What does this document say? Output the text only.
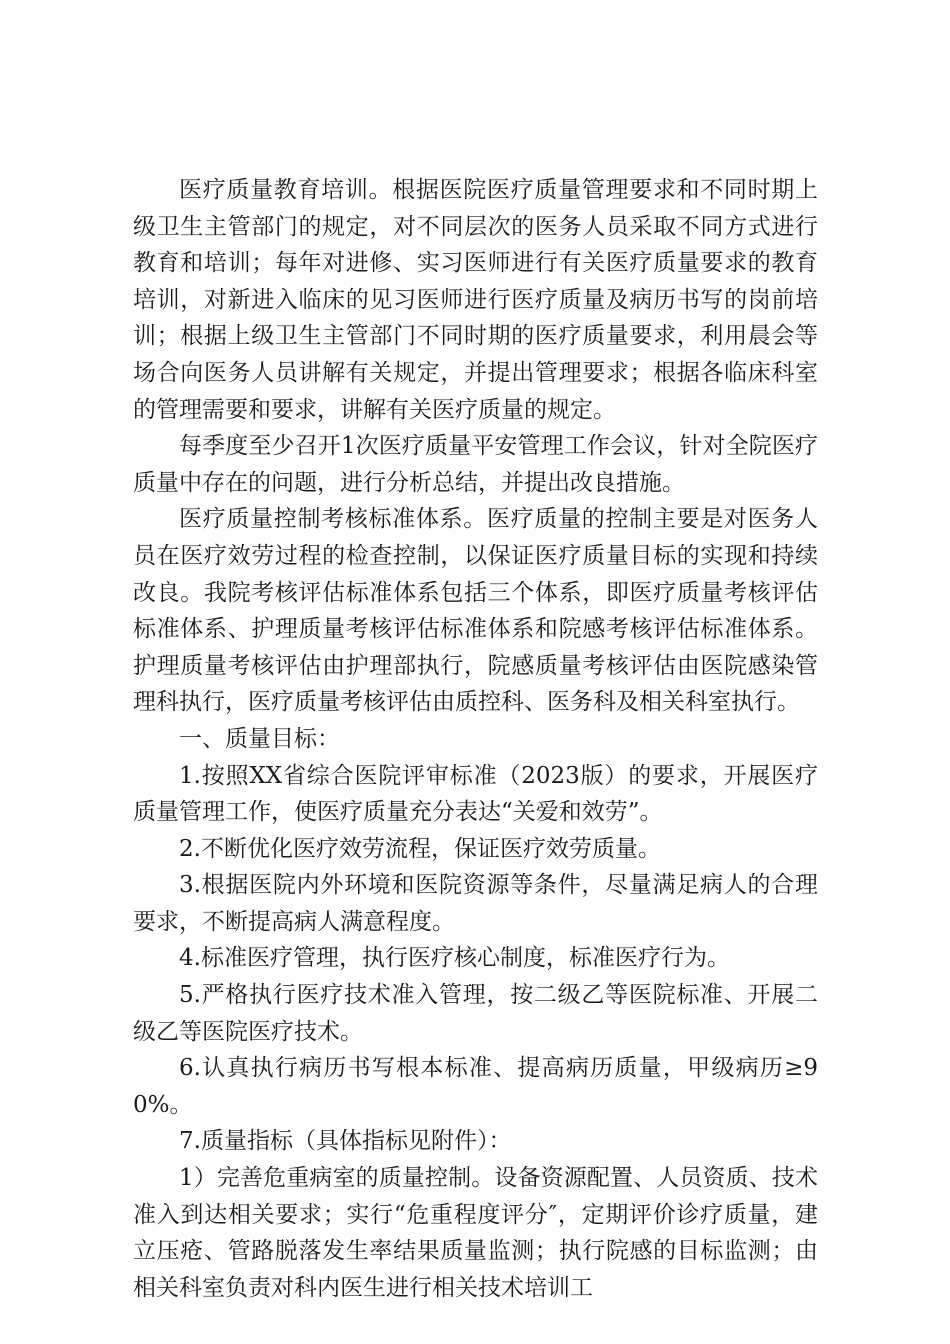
医疗质量教育培训。根据医院医疗质量管理要求和不同时期上级卫生主管部门的规定，对不同层次的医务人员采取不同方式进行教育和培训；每年对进修、实习医师进行有关医疗质量要求的教育培训，对新进入临床的见习医师进行医疗质量及病历书写的岗前培训；根据上级卫生主管部门不同时期的医疗质量要求，利用晨会等场合向医务人员讲解有关规定，并提出管理要求；根据各临床科室的管理需要和要求，讲解有关医疗质量的规定。

每季度至少召开1次医疗质量平安管理工作会议，针对全院医疗质量中存在的问题，进行分析总结，并提出改良措施。

医疗质量控制考核标准体系。医疗质量的控制主要是对医务人员在医疗效劳过程的检查控制，以保证医疗质量目标的实现和持续改良。我院考核评估标准体系包括三个体系，即医疗质量考核评估标准体系、护理质量考核评估标准体系和院感考核评估标准体系。护理质量考核评估由护理部执行，院感质量考核评估由医院感染管理科执行，医疗质量考核评估由质控科、医务科及相关科室执行。

一、质量目标：

1.按照XX省综合医院评审标准（2023版）的要求，开展医疗质量管理工作，使医疗质量充分表达“关爱和效劳”。

2.不断优化医疗效劳流程，保证医疗效劳质量。

3.根据医院内外环境和医院资源等条件，尽量满足病人的合理要求，不断提高病人满意程度。

4.标准医疗管理，执行医疗核心制度，标准医疗行为。

5.严格执行医疗技术准入管理，按二级乙等医院标准、开展二级乙等医院医疗技术。

6.认真执行病历书写根本标准、提高病历质量，甲级病历≥90%。

7.质量指标（具体指标见附件）：

1）完善危重病室的质量控制。设备资源配置、人员资质、技术准入到达相关要求；实行“危重程度评分″，定期评价诊疗质量，建立压疮、管路脱落发生率结果质量监测；执行院感的目标监测；由相关科室负责对科内医生进行相关技术培训工
